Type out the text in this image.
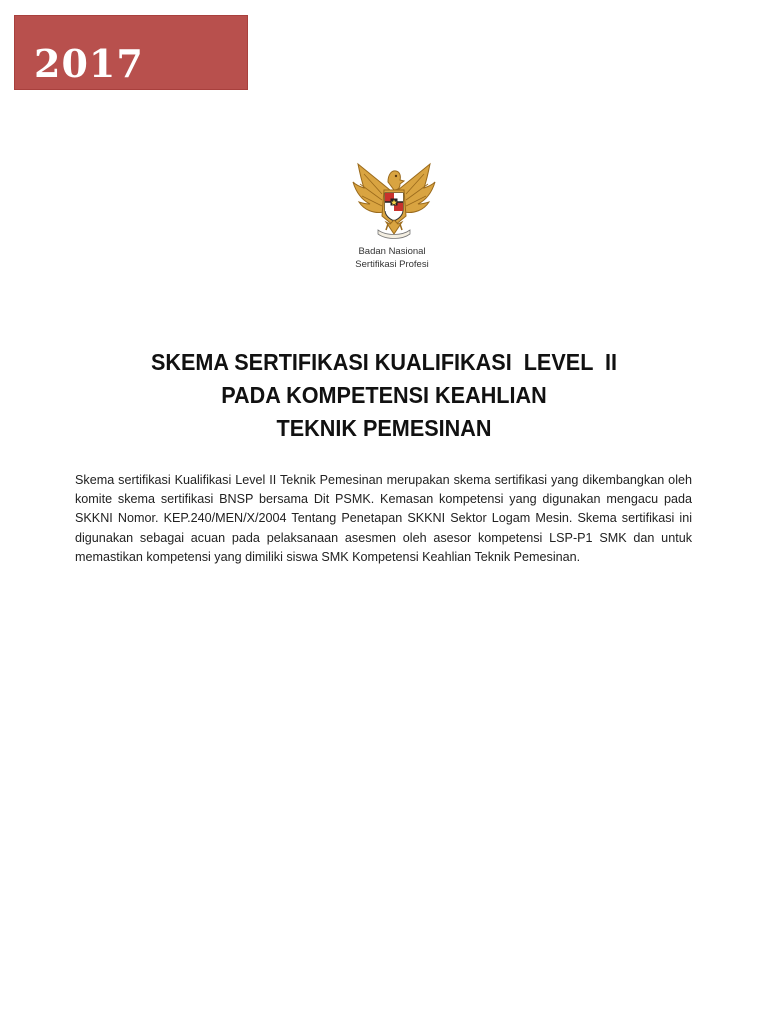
2017
Badan Nasional
Sertifikasi Profesi
SKEMA SERTIFIKASI KUALIFIKASI  LEVEL  II
PADA KOMPETENSI KEAHLIAN
TEKNIK PEMESINAN
Skema sertifikasi Kualifikasi Level II Teknik Pemesinan merupakan skema sertifikasi yang dikembangkan oleh komite skema sertifikasi BNSP bersama Dit PSMK. Kemasan kompetensi yang digunakan mengacu pada SKKNI Nomor. KEP.240/MEN/X/2004 Tentang Penetapan SKKNI Sektor Logam Mesin. Skema sertifikasi ini digunakan sebagai acuan pada pelaksanaan asesmen oleh asesor kompetensi LSP-P1 SMK dan untuk memastikan kompetensi yang dimiliki siswa SMK Kompetensi Keahlian Teknik Pemesinan.
